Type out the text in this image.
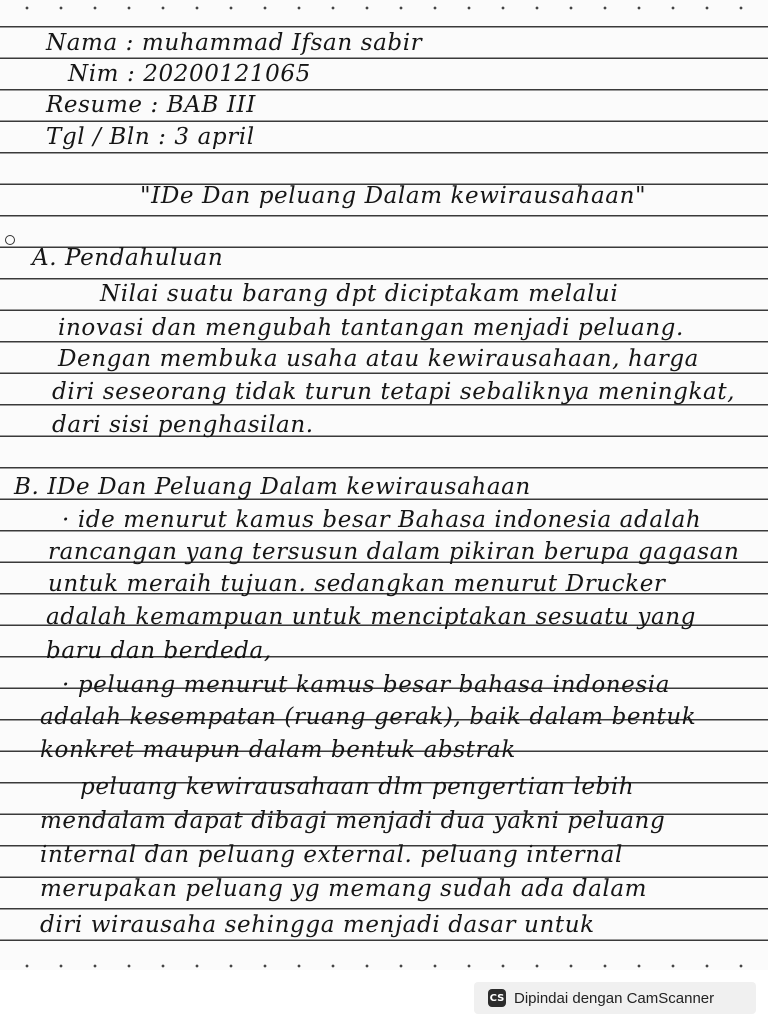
Nama : muhammad Ifsan sabir
Nim : 20200121065
Resume : BAB III
Tgl / Bln : 3 april
"IDe Dan peluang Dalam kewirausahaan"
A. Pendahuluan
Nilai suatu barang dpt diciptakam melalui
inovasi dan mengubah tantangan menjadi peluang.
Dengan membuka usaha atau kewirausahaan, harga
diri seseorang tidak turun tetapi sebaliknya meningkat,
dari sisi penghasilan.
B. IDe Dan Peluang Dalam kewirausahaan
· ide menurut kamus besar Bahasa indonesia adalah
rancangan yang tersusun dalam pikiran berupa gagasan
untuk meraih tujuan. sedangkan menurut Drucker
adalah kemampuan untuk menciptakan sesuatu yang
baru dan berdeda,
· peluang menurut kamus besar bahasa indonesia
adalah kesempatan (ruang gerak), baik dalam bentuk
konkret maupun dalam bentuk abstrak
peluang kewirausahaan dlm pengertian lebih
mendalam dapat dibagi menjadi dua yakni peluang
internal dan peluang external. peluang internal
merupakan peluang yg memang sudah ada dalam
diri wirausaha sehingga menjadi dasar untuk
CS Dipindai dengan CamScanner
